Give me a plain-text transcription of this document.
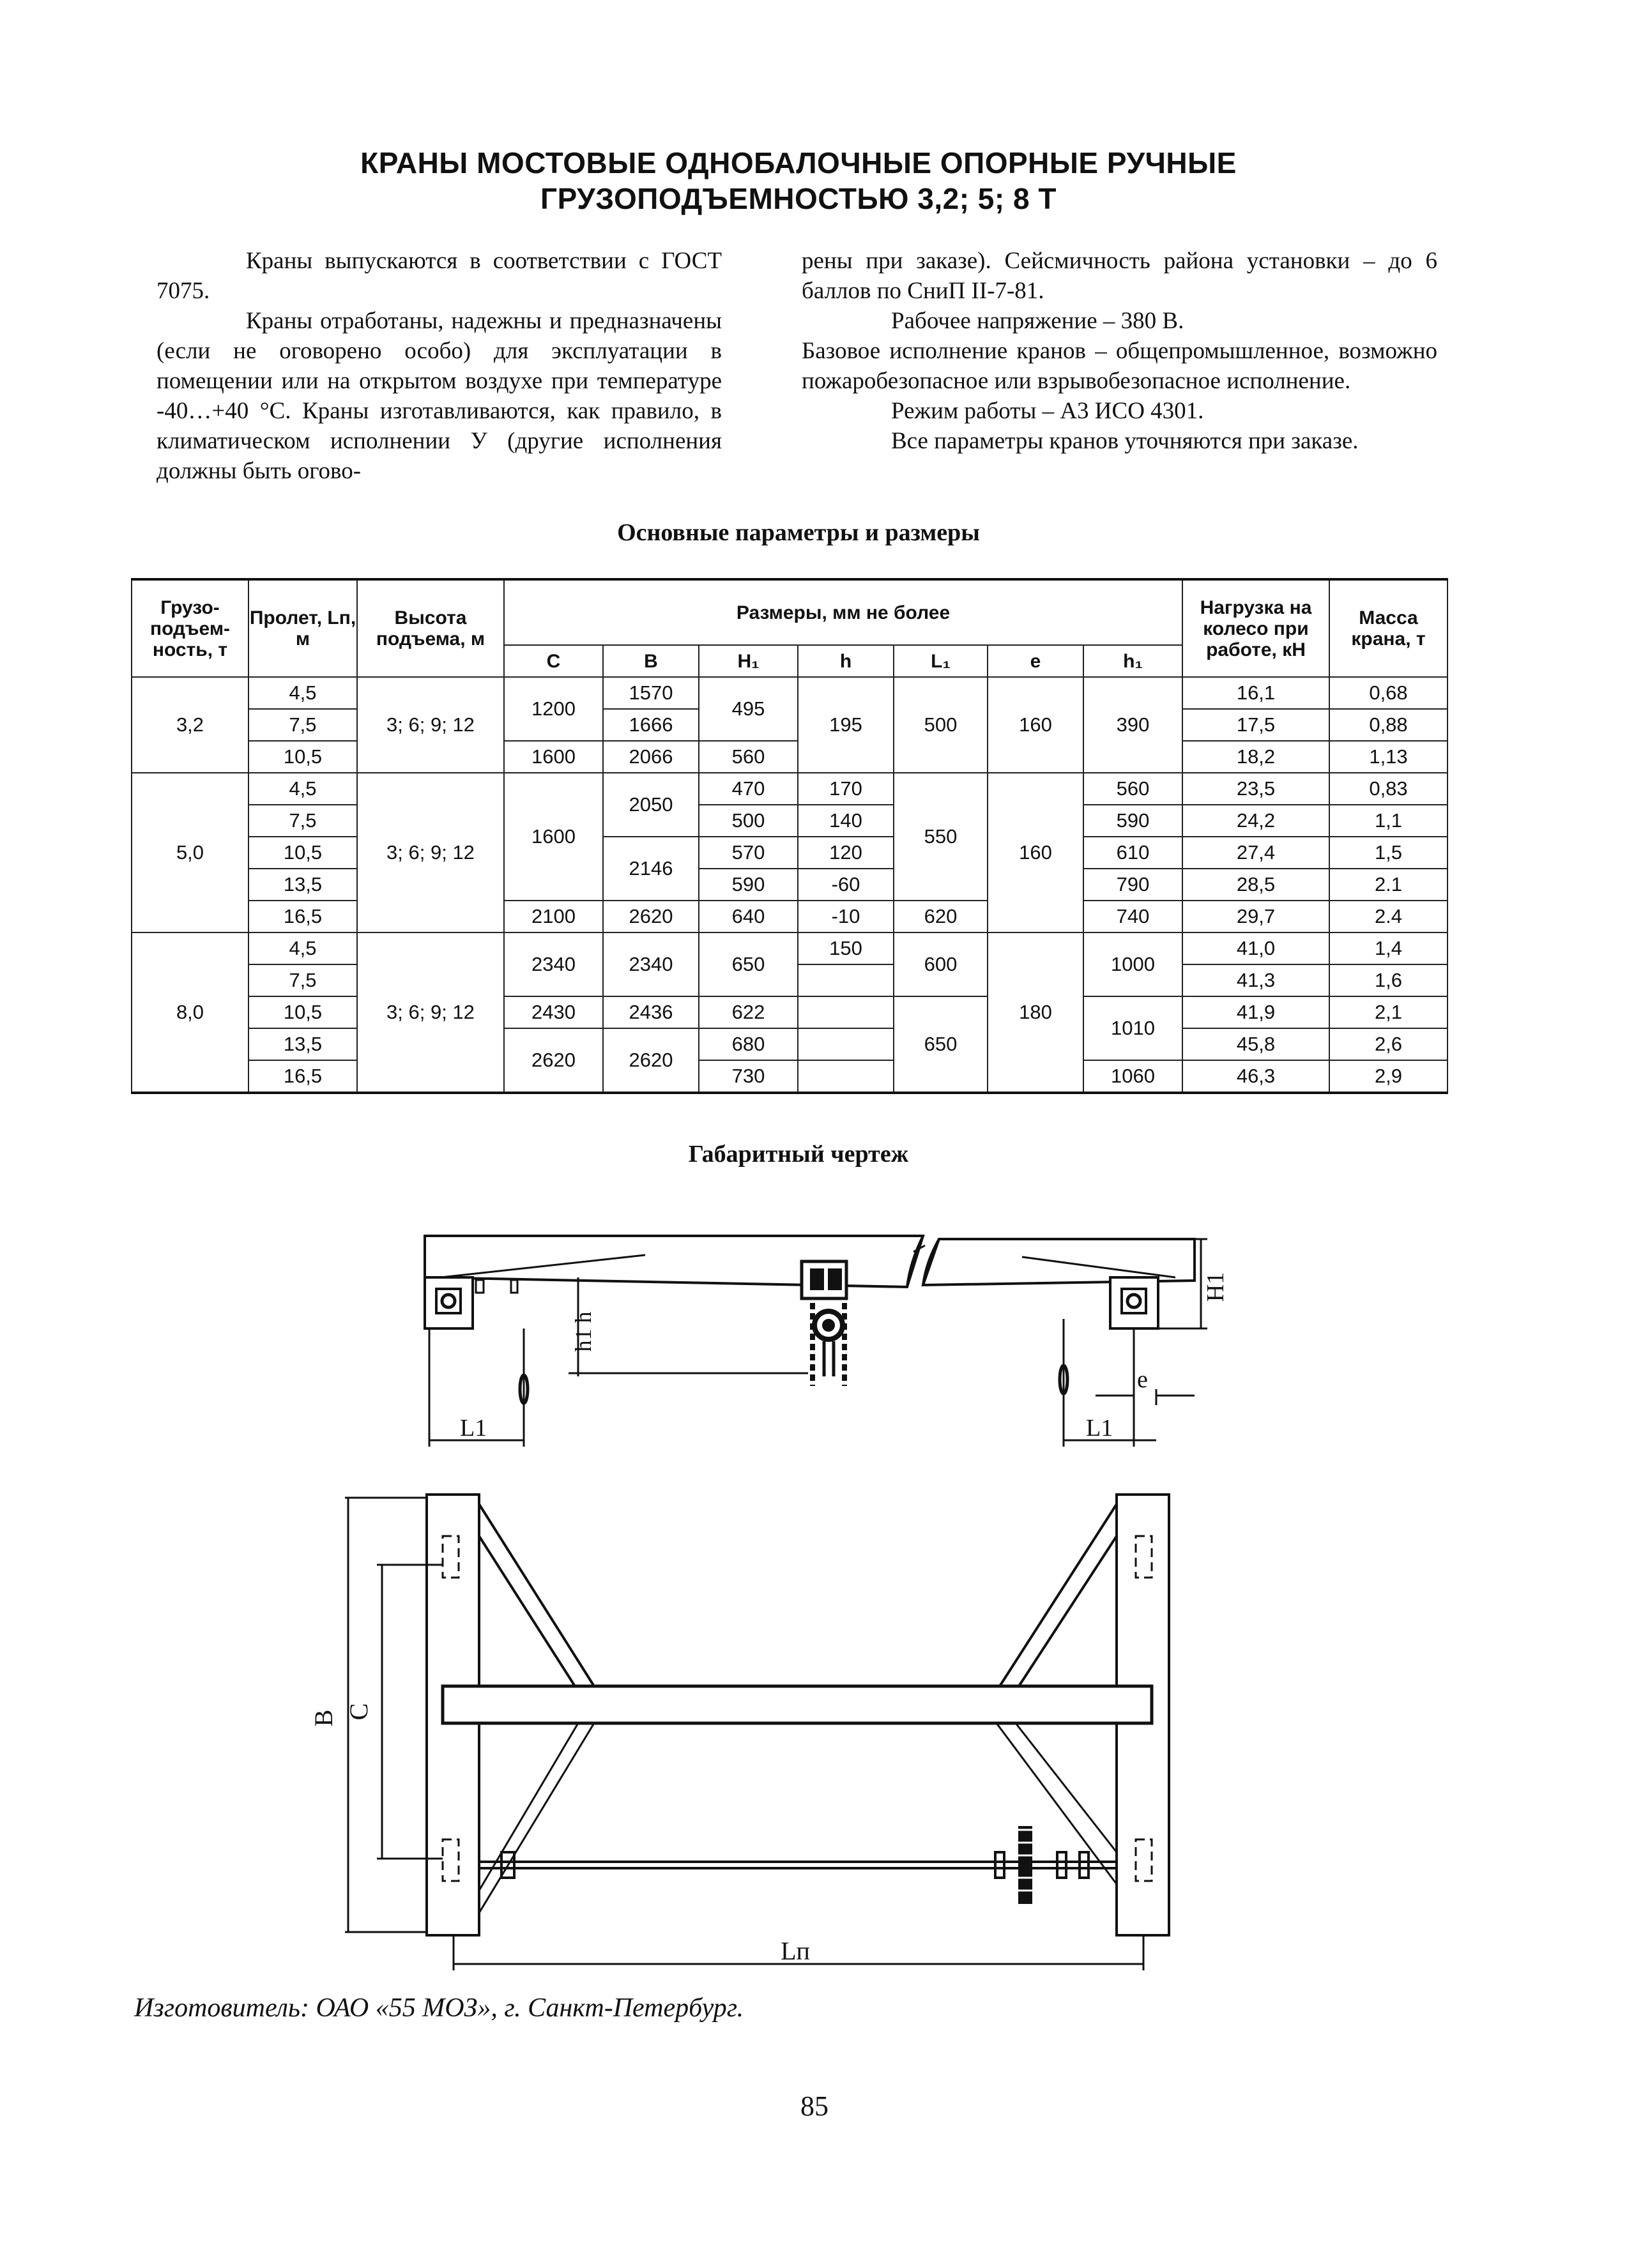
КРАНЫ МОСТОВЫЕ ОДНОБАЛОЧНЫЕ ОПОРНЫЕ РУЧНЫЕ
ГРУЗОПОДЪЕМНОСТЬЮ 3,2; 5; 8 Т

Краны выпускаются в соответствии с ГОСТ 7075.

Краны отработаны, надежны и предназначены (если не оговорено особо) для эксплуатации в помещении или на открытом воздухе при температуре -40…+40 °С. Краны изготавливаются, как правило, в климатическом исполнении У (другие исполнения должны быть огово-

рены при заказе). Сейсмичность района установки – до 6 баллов по СниП II-7-81.

Рабочее напряжение – 380 В.

Базовое исполнение кранов – общепромышленное, возможно пожаробезопасное или взрывобезопасное исполнение.

Режим работы – А3 ИСО 4301.

Все параметры кранов уточняются при заказе.

Основные параметры и размеры
Грузо-подъем-ность, т	Пролет, Lп, м	Высота подъема, м	Размеры, мм не более							Нагрузка на колесо при работе, кН	Масса крана, т
			C	B	H₁	h	L₁	e	h₁		
3,2	4,5	3; 6; 9; 12	1200	1570	495	195	500	160	390	16,1	0,68
	7,5			1666						17,5	0,88
	10,5		1600	2066	560					18,2	1,13
5,0	4,5	3; 6; 9; 12	1600	2050	470	170	550	160	560	23,5	0,83
	7,5				500	140			590	24,2	1,1
	10,5			2146	570	120			610	27,4	1,5
	13,5				590	-60			790	28,5	2.1
	16,5		2100	2620	640	-10	620		740	29,7	2.4
8,0	4,5	3; 6; 9; 12	2340	2340	650	150	600	180	1000	41,0	1,4
	7,5									41,3	1,6
	10,5		2430	2436	622		650		1010	41,9	2,1
	13,5		2620	2620	680					45,8	2,6
	16,5				730				1060	46,3	2,9
Габаритный чертеж
H1
h1 h
e
L1	L1
B C
Lп
Изготовитель: ОАО «55 МОЗ», г. Санкт-Петербург.
85
